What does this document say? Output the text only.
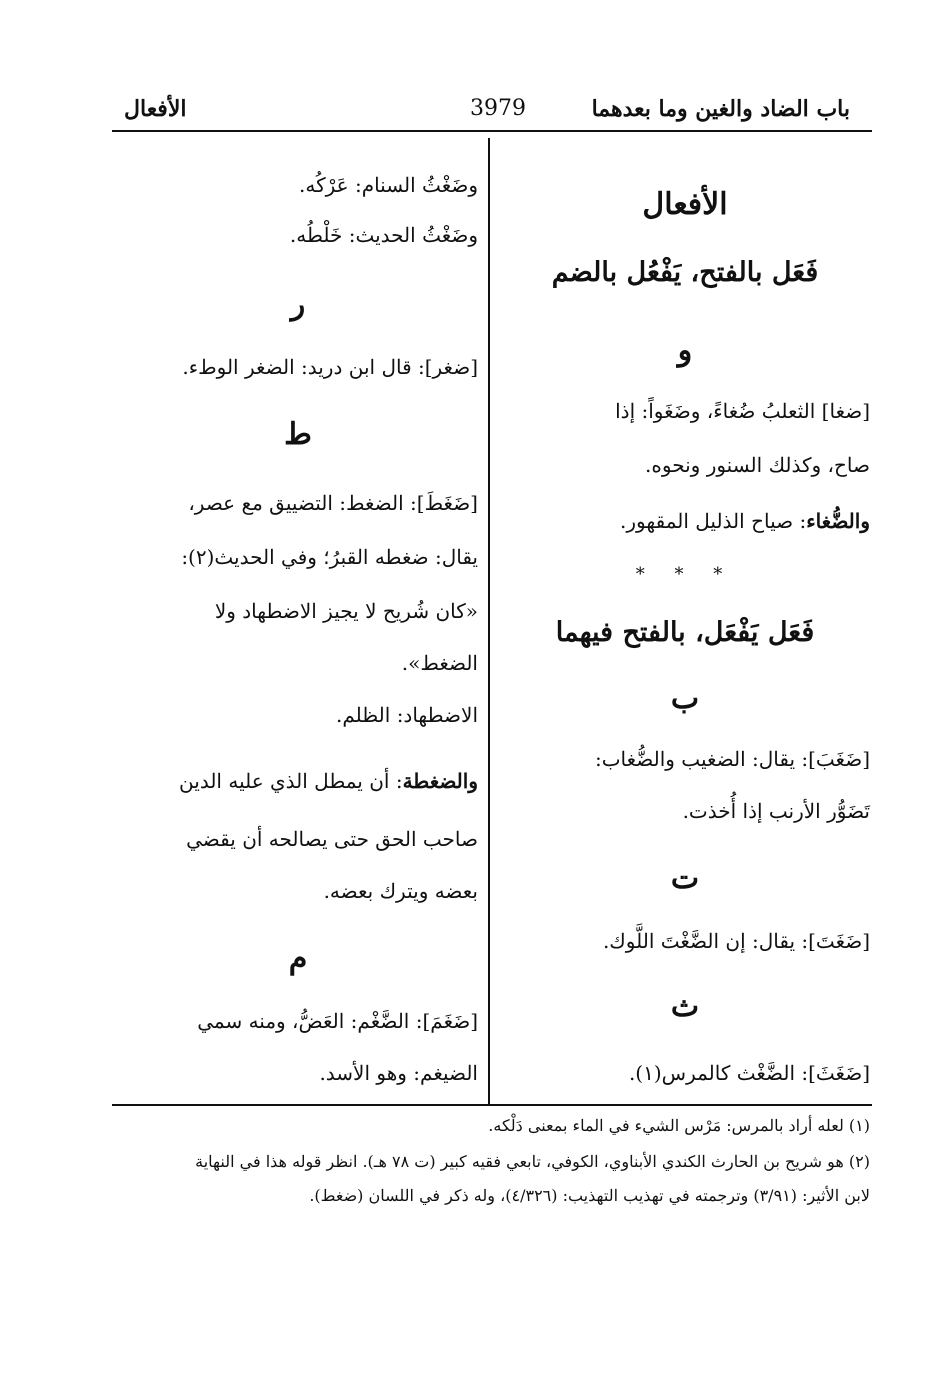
باب الضاد والغين وما بعدهما
3979
الأفعال
الأفعال
فَعَل بالفتح، يَفْعُل بالضم
و
[ضغا] الثعلبُ ضُغاءً، وضَغَواً: إذا
صاح، وكذلك السنور ونحوه.
والضُّغاء: صياح الذليل المقهور.
* * *
فَعَل يَفْعَل، بالفتح فيهما
ب
[ضَغَبَ]: يقال: الضغيب والضُّغاب:
تَضَوُّر الأرنب إذا أُخذت.
ت
[ضَغَتَ]: يقال: إن الضَّغْتَ اللَّوك.
ث
[ضَغَثَ]: الضَّغْث كالمرس(١).
وضَغْثُ السنام: عَرْكُه.
وضَغْثُ الحديث: خَلْطُه.
ر
[ضغر]: قال ابن دريد: الضغر الوطء.
ط
[ضَغَطَ]: الضغط: التضييق مع عصر،
يقال: ضغطه القبرُ؛ وفي الحديث(٢):
«كان شُريح لا يجيز الاضطهاد ولا
الضغط».
الاضطهاد: الظلم.
والضغطة: أن يمطل الذي عليه الدين
صاحب الحق حتى يصالحه أن يقضي
بعضه ويترك بعضه.
م
[ضَغَمَ]: الضَّغْم: العَضُّ، ومنه سمي
الضيغم: وهو الأسد.
(١) لعله أراد بالمرس: مَرْس الشيء في الماء بمعنى دَلْكه.
(٢) هو شريح بن الحارث الكندي الأبناوي، الكوفي، تابعي فقيه كبير (ت ٧٨ هـ). انظر قوله هذا في النهاية
لابن الأثير: (٣/٩١) وترجمته في تهذيب التهذيب: (٤/٣٢٦)، وله ذكر في اللسان (ضغط).
